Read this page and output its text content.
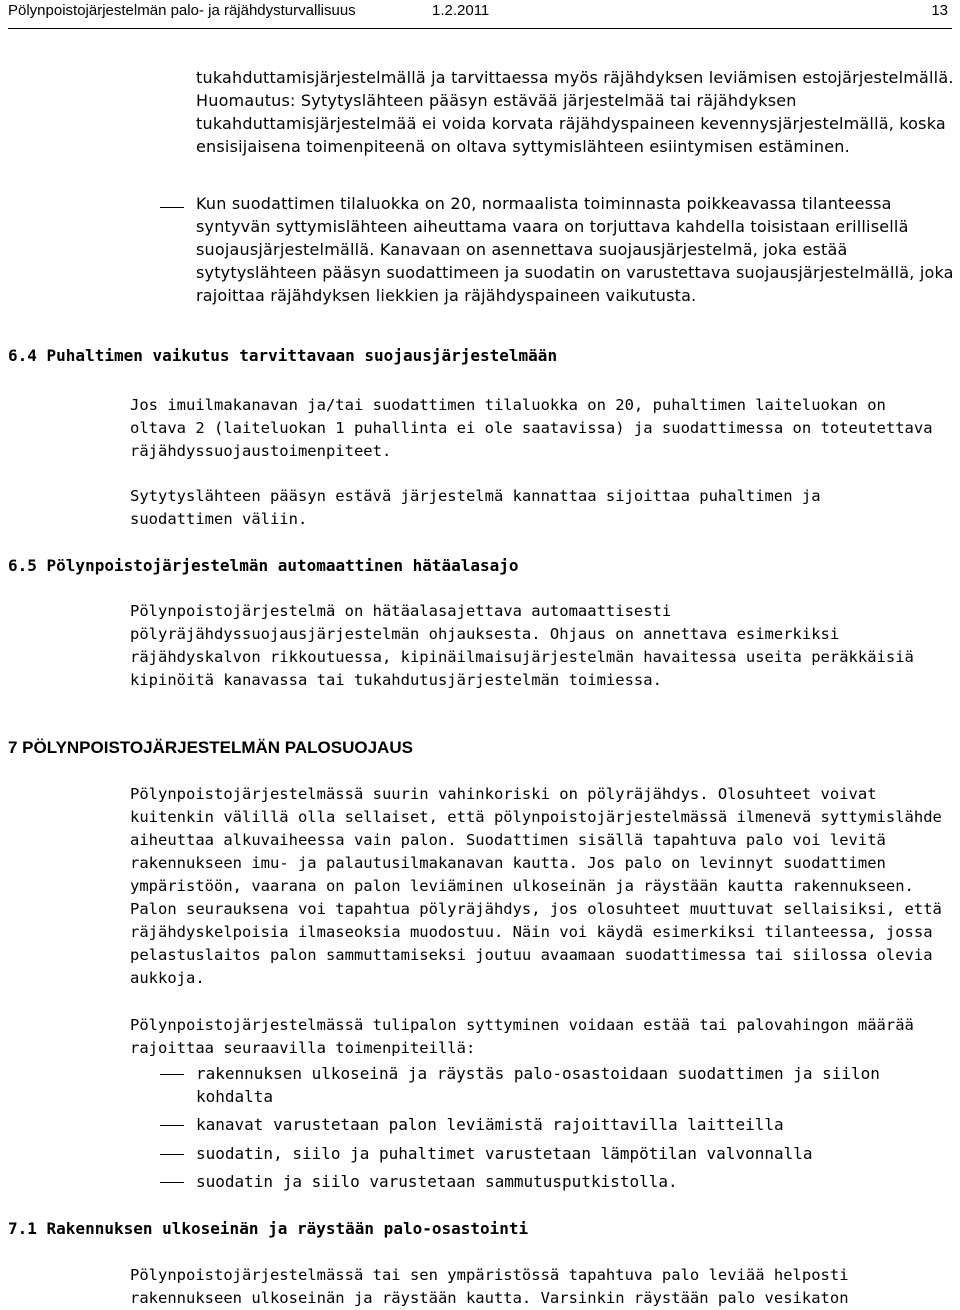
Pölynpoistojärjestelmän palo- ja räjähdysturvallisuus	1.2.2011	13

tukahduttamisjärjestelmällä ja tarvittaessa myös räjähdyksen leviämisen estojärjestelmällä. Huomautus: Sytytyslähteen pääsyn estävää järjestelmää tai räjähdyksen tukahduttamisjärjestelmää ei voida korvata räjähdyspaineen kevennysjärjestelmällä, koska ensisijaisena toimenpiteenä on oltava syttymislähteen esiintymisen estäminen.

Kun suodattimen tilaluokka on 20, normaalista toiminnasta poikkeavassa tilanteessa syntyvän syttymislähteen aiheuttama vaara on torjuttava kahdella toisistaan erillisellä suojausjärjestelmällä. Kanavaan on asennettava suojausjärjestelmä, joka estää sytytyslähteen pääsyn suodattimeen ja suodatin on varustettava suojausjärjestelmällä, joka rajoittaa räjähdyksen liekkien ja räjähdyspaineen vaikutusta.

6.4 Puhaltimen vaikutus tarvittavaan suojausjärjestelmään

Jos imuilmakanavan ja/tai suodattimen tilaluokka on 20, puhaltimen laiteluokan on oltava 2 (laiteluokan 1 puhallinta ei ole saatavissa) ja suodattimessa on toteutettava räjähdyssuojaustoimenpiteet.

Sytytyslähteen pääsyn estävä järjestelmä kannattaa sijoittaa puhaltimen ja suodattimen väliin.

6.5 Pölynpoistojärjestelmän automaattinen hätäalasajo

Pölynpoistojärjestelmä on hätäalasajettava automaattisesti pölyräjähdyssuojausjärjestelmän ohjauksesta. Ohjaus on annettava esimerkiksi räjähdyskalvon rikkoutuessa, kipinäilmaisujärjestelmän havaitessa useita peräkkäisiä kipinöitä kanavassa tai tukahdutusjärjestelmän toimiessa.

7 PÖLYNPOISTOJÄRJESTELMÄN PALOSUOJAUS

Pölynpoistojärjestelmässä suurin vahinkoriski on pölyräjähdys. Olosuhteet voivat kuitenkin välillä olla sellaiset, että pölynpoistojärjestelmässä ilmenevä syttymislähde aiheuttaa alkuvaiheessa vain palon. Suodattimen sisällä tapahtuva palo voi levitä rakennukseen imu- ja palautusilmakanavan kautta. Jos palo on levinnyt suodattimen ympäristöön, vaarana on palon leviäminen ulkoseinän ja räystään kautta rakennukseen. Palon seurauksena voi tapahtua pölyräjähdys, jos olosuhteet muuttuvat sellaisiksi, että räjähdyskelpoisia ilmaseoksia muodostuu. Näin voi käydä esimerkiksi tilanteessa, jossa pelastuslaitos palon sammuttamiseksi joutuu avaamaan suodattimessa tai siilossa olevia aukkoja.

Pölynpoistojärjestelmässä tulipalon syttyminen voidaan estää tai palovahingon määrää rajoittaa seuraavilla toimenpiteillä:

rakennuksen ulkoseinä ja räystäs palo-osastoidaan suodattimen ja siilon kohdalta

kanavat varustetaan palon leviämistä rajoittavilla laitteilla

suodatin, siilo ja puhaltimet varustetaan lämpötilan valvonnalla

suodatin ja siilo varustetaan sammutusputkistolla.

7.1 Rakennuksen ulkoseinän ja räystään palo-osastointi

Pölynpoistojärjestelmässä tai sen ympäristössä tapahtuva palo leviää helposti rakennukseen ulkoseinän ja räystään kautta. Varsinkin räystään palo vesikaton
